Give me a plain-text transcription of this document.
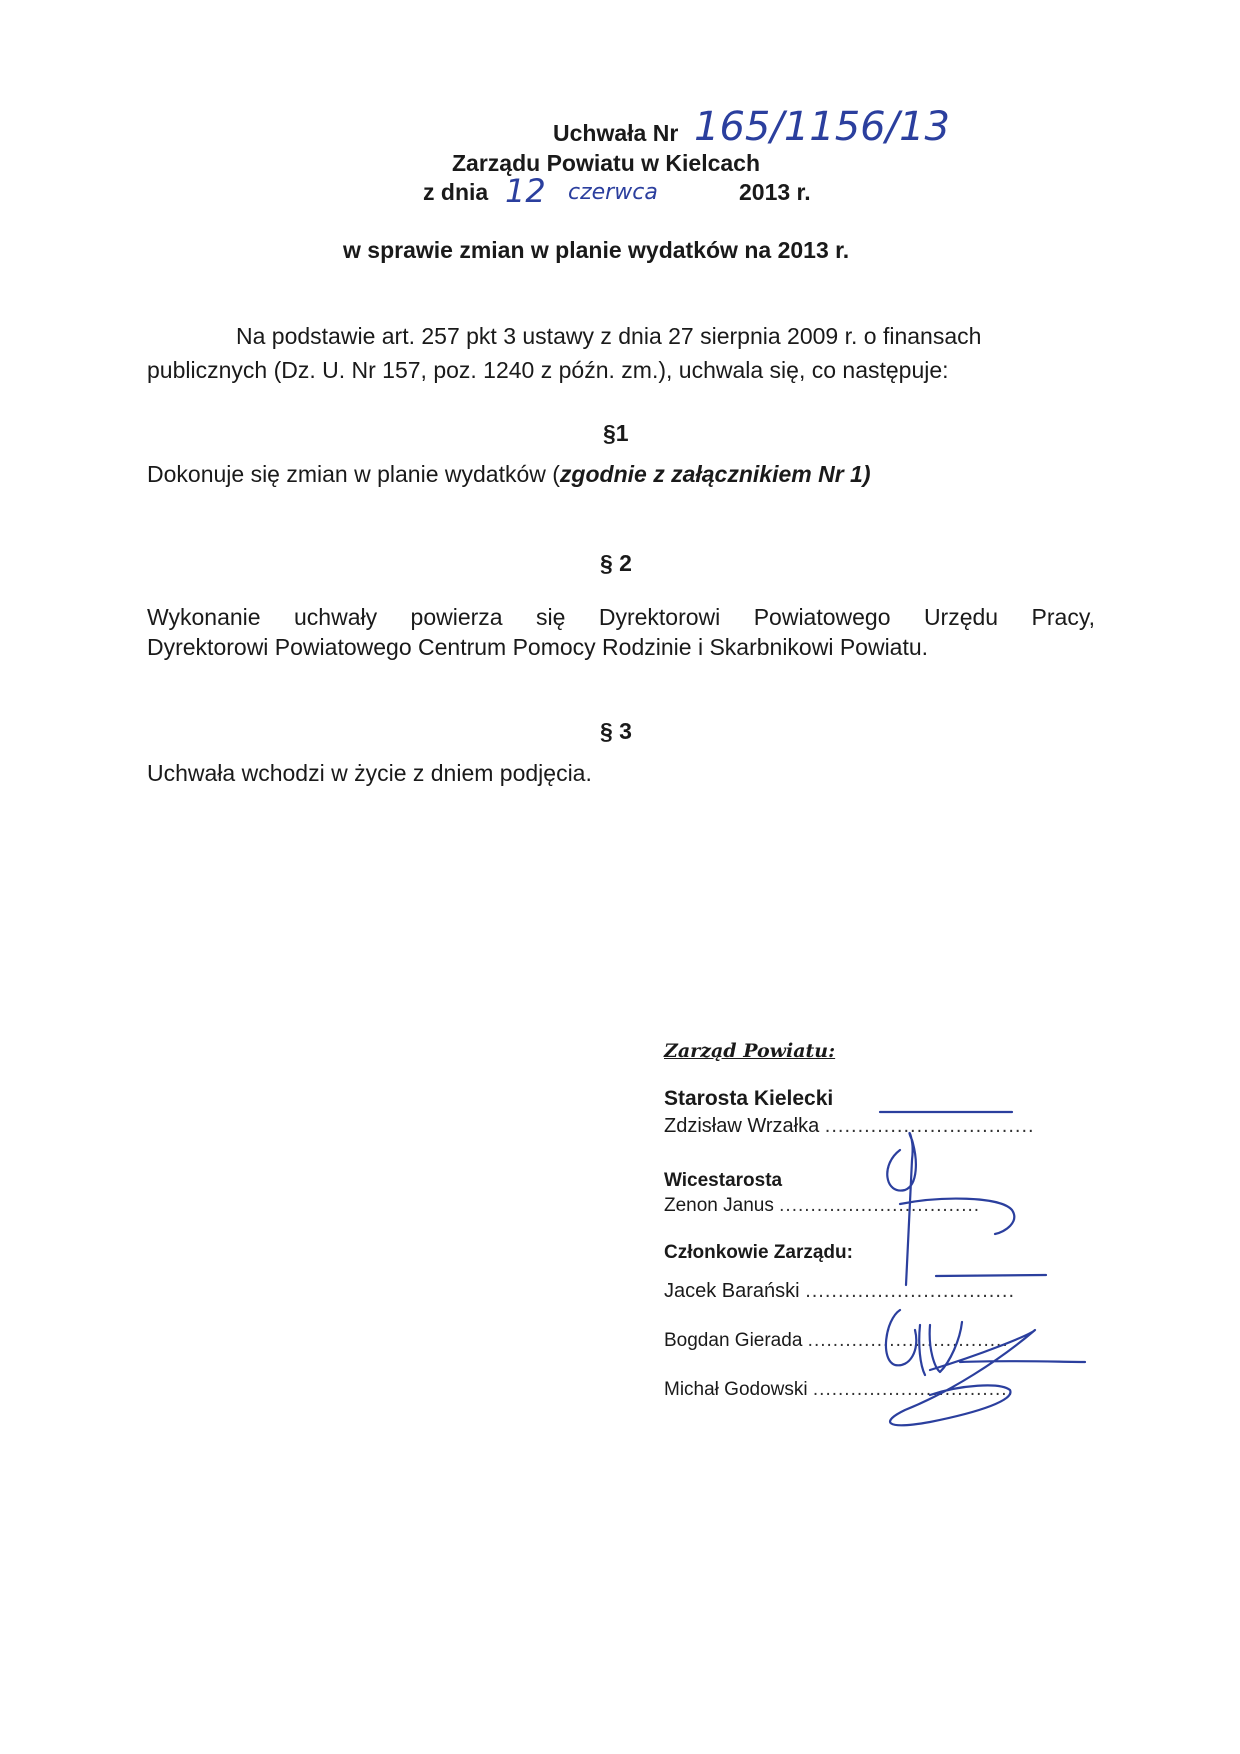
Uchwała Nr 165/1156/13
Zarządu Powiatu w Kielcach
z dnia 12 czerwca	2013 r.
w sprawie zmian w planie wydatków na 2013 r.
Na podstawie art. 257 pkt 3 ustawy z dnia 27 sierpnia 2009 r. o finansach
publicznych (Dz. U. Nr 157, poz. 1240 z późn. zm.), uchwala się, co następuje:
§1
Dokonuje się zmian w planie wydatków (zgodnie z załącznikiem Nr 1)
§ 2
Wykonanie uchwały powierza się Dyrektorowi Powiatowego Urzędu Pracy,
Dyrektorowi Powiatowego Centrum Pomocy Rodzinie i Skarbnikowi Powiatu.
§ 3
Uchwała wchodzi w życie z dniem podjęcia.
Zarząd Powiatu:
Starosta Kielecki
Zdzisław Wrzałka ................................
Wicestarosta
Zenon Janus ................................
Członkowie Zarządu:
Jacek Barański ................................
Bogdan Gierada ................................
Michał Godowski ................................
